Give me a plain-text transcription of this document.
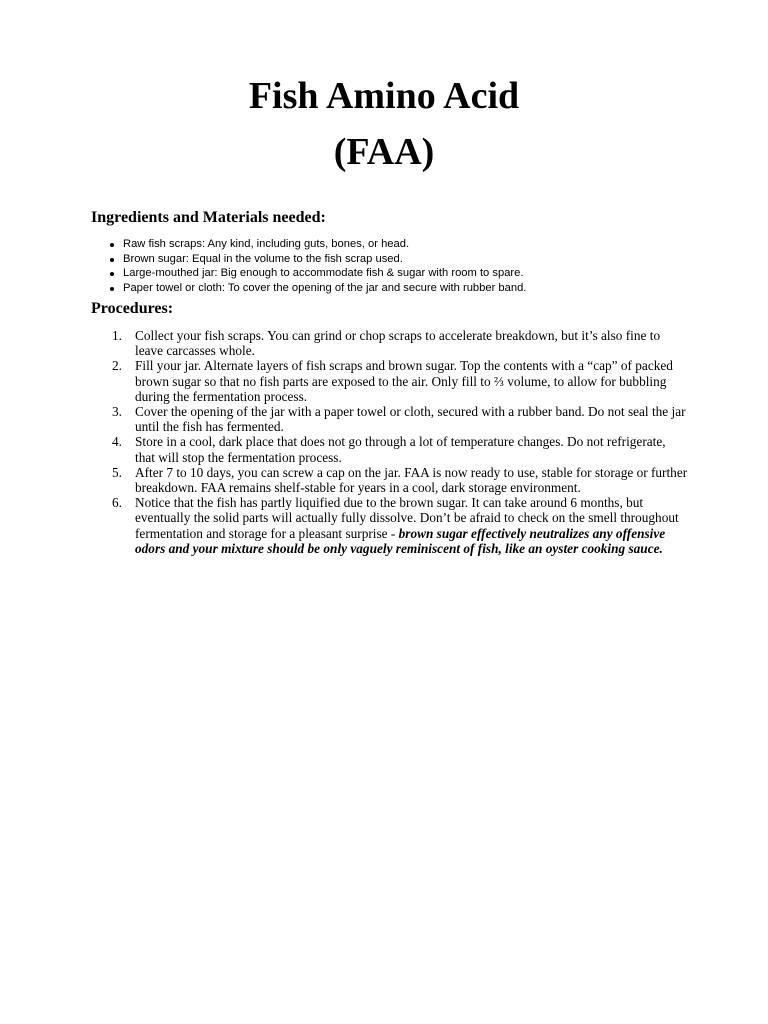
Fish Amino Acid
(FAA)
Ingredients and Materials needed:
Raw fish scraps: Any kind, including guts, bones, or head.
Brown sugar: Equal in the volume to the fish scrap used.
Large-mouthed jar: Big enough to accommodate fish & sugar with room to spare.
Paper towel or cloth: To cover the opening of the jar and secure with rubber band.
Procedures:
1. Collect your fish scraps. You can grind or chop scraps to accelerate breakdown, but it’s also fine to leave carcasses whole.
2. Fill your jar. Alternate layers of fish scraps and brown sugar. Top the contents with a “cap” of packed brown sugar so that no fish parts are exposed to the air. Only fill to ⅔ volume, to allow for bubbling during the fermentation process.
3. Cover the opening of the jar with a paper towel or cloth, secured with a rubber band. Do not seal the jar until the fish has fermented.
4. Store in a cool, dark place that does not go through a lot of temperature changes. Do not refrigerate, that will stop the fermentation process.
5. After 7 to 10 days, you can screw a cap on the jar. FAA is now ready to use, stable for storage or further breakdown. FAA remains shelf-stable for years in a cool, dark storage environment.
6. Notice that the fish has partly liquified due to the brown sugar. It can take around 6 months, but eventually the solid parts will actually fully dissolve. Don’t be afraid to check on the smell throughout fermentation and storage for a pleasant surprise - brown sugar effectively neutralizes any offensive odors and your mixture should be only vaguely reminiscent of fish, like an oyster cooking sauce.
